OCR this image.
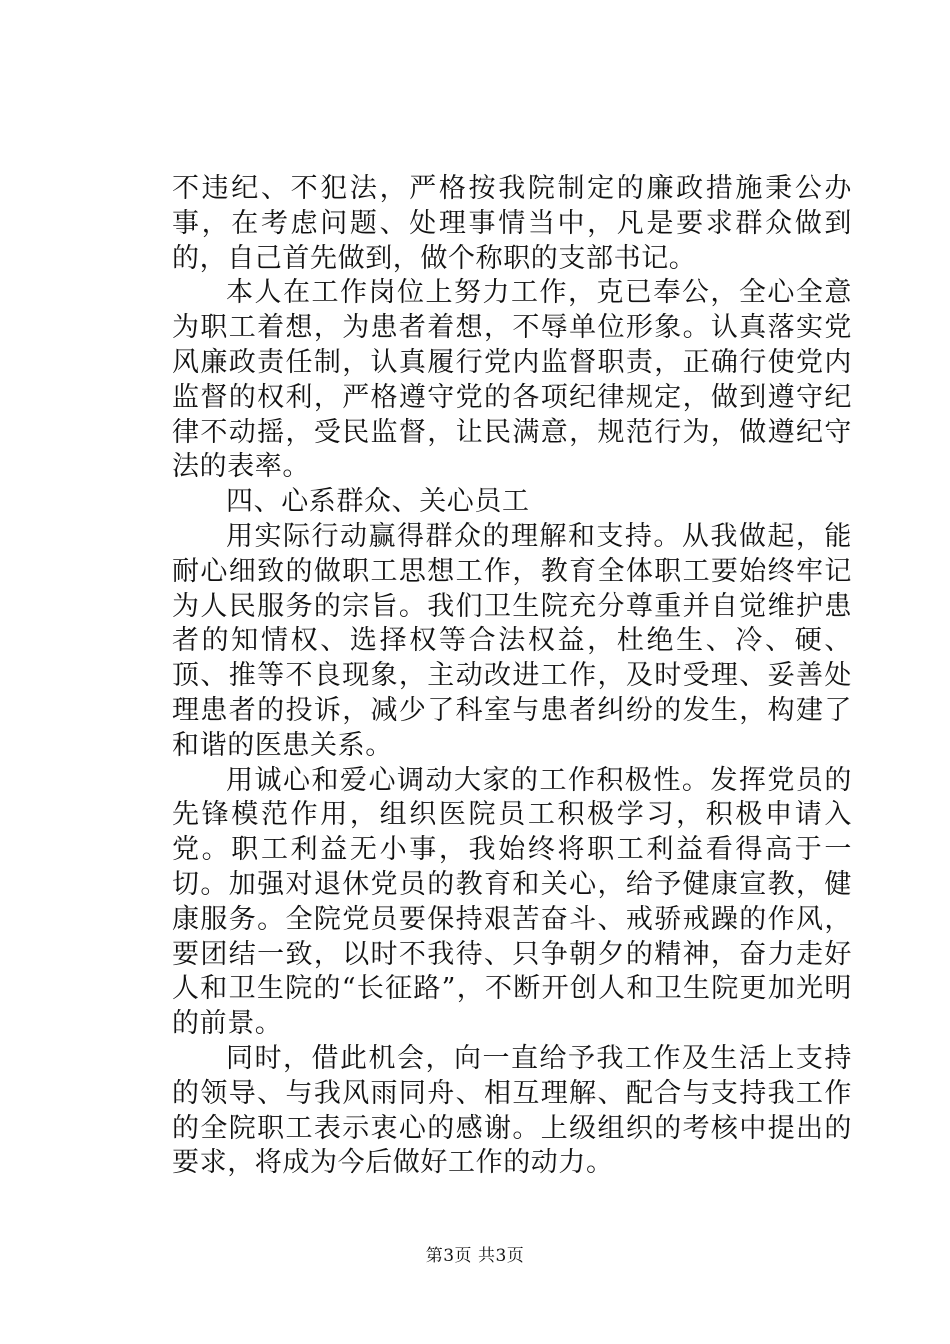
不违纪、不犯法，严格按我院制定的廉政措施秉公办事，在考虑问题、处理事情当中，凡是要求群众做到的，自己首先做到，做个称职的支部书记。

本人在工作岗位上努力工作，克已奉公，全心全意为职工着想，为患者着想，不辱单位形象。认真落实党风廉政责任制，认真履行党内监督职责，正确行使党内监督的权利，严格遵守党的各项纪律规定，做到遵守纪律不动摇，受民监督，让民满意，规范行为，做遵纪守法的表率。

四、心系群众、关心员工

用实际行动赢得群众的理解和支持。从我做起，能耐心细致的做职工思想工作，教育全体职工要始终牢记为人民服务的宗旨。我们卫生院充分尊重并自觉维护患者的知情权、选择权等合法权益，杜绝生、冷、硬、顶、推等不良现象，主动改进工作，及时受理、妥善处理患者的投诉，减少了科室与患者纠纷的发生，构建了和谐的医患关系。

用诚心和爱心调动大家的工作积极性。发挥党员的先锋模范作用，组织医院员工积极学习，积极申请入党。职工利益无小事，我始终将职工利益看得高于一切。加强对退休党员的教育和关心，给予健康宣教，健康服务。全院党员要保持艰苦奋斗、戒骄戒躁的作风，要团结一致，以时不我待、只争朝夕的精神，奋力走好人和卫生院的“长征路”，不断开创人和卫生院更加光明的前景。

同时，借此机会，向一直给予我工作及生活上支持的领导、与我风雨同舟、相互理解、配合与支持我工作的全院职工表示衷心的感谢。上级组织的考核中提出的要求，将成为今后做好工作的动力。

第3页 共3页
